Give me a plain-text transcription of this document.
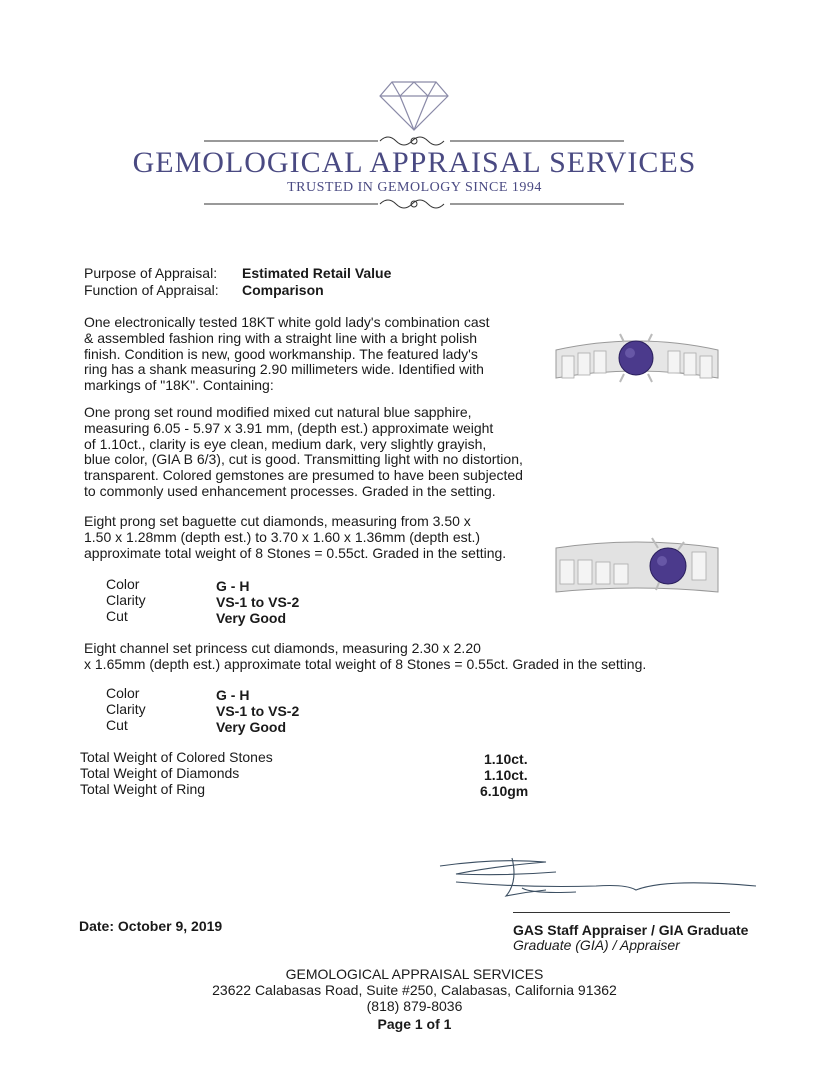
GEMOLOGICAL APPRAISAL SERVICES
TRUSTED IN GEMOLOGY SINCE 1994
Purpose of Appraisal: Estimated Retail Value
Function of Appraisal: Comparison
One electronically tested 18KT white gold lady's combination cast
& assembled fashion ring with a straight line with a bright polish
finish. Condition is new, good workmanship. The featured lady's
ring has a shank measuring 2.90 millimeters wide. Identified with
markings of "18K". Containing:
One prong set round modified mixed cut natural blue sapphire,
measuring 6.05 - 5.97 x 3.91 mm, (depth est.) approximate weight
of 1.10ct., clarity is eye clean, medium dark, very slightly grayish,
blue color, (GIA B 6/3), cut is good. Transmitting light with no distortion,
transparent. Colored gemstones are presumed to have been subjected
to commonly used enhancement processes. Graded in the setting.
Eight prong set baguette cut diamonds, measuring from 3.50 x
1.50 x 1.28mm (depth est.) to 3.70 x 1.60 x 1.36mm (depth est.)
approximate total weight of 8 Stones = 0.55ct. Graded in the setting.
Color	G - H
Clarity	VS-1 to VS-2
Cut	Very Good
Eight channel set princess cut diamonds, measuring 2.30 x 2.20
x 1.65mm (depth est.) approximate total weight of 8 Stones = 0.55ct. Graded in the setting.
Color	G - H
Clarity	VS-1 to VS-2
Cut	Very Good
Total Weight of Colored Stones	1.10ct.
Total Weight of Diamonds	1.10ct.
Total Weight of Ring	6.10gm
Date: October 9, 2019	GAS Staff Appraiser / GIA Graduate
Graduate (GIA) / Appraiser
GEMOLOGICAL APPRAISAL SERVICES
23622 Calabasas Road, Suite #250, Calabasas, California 91362
(818) 879-8036
Page 1 of 1
